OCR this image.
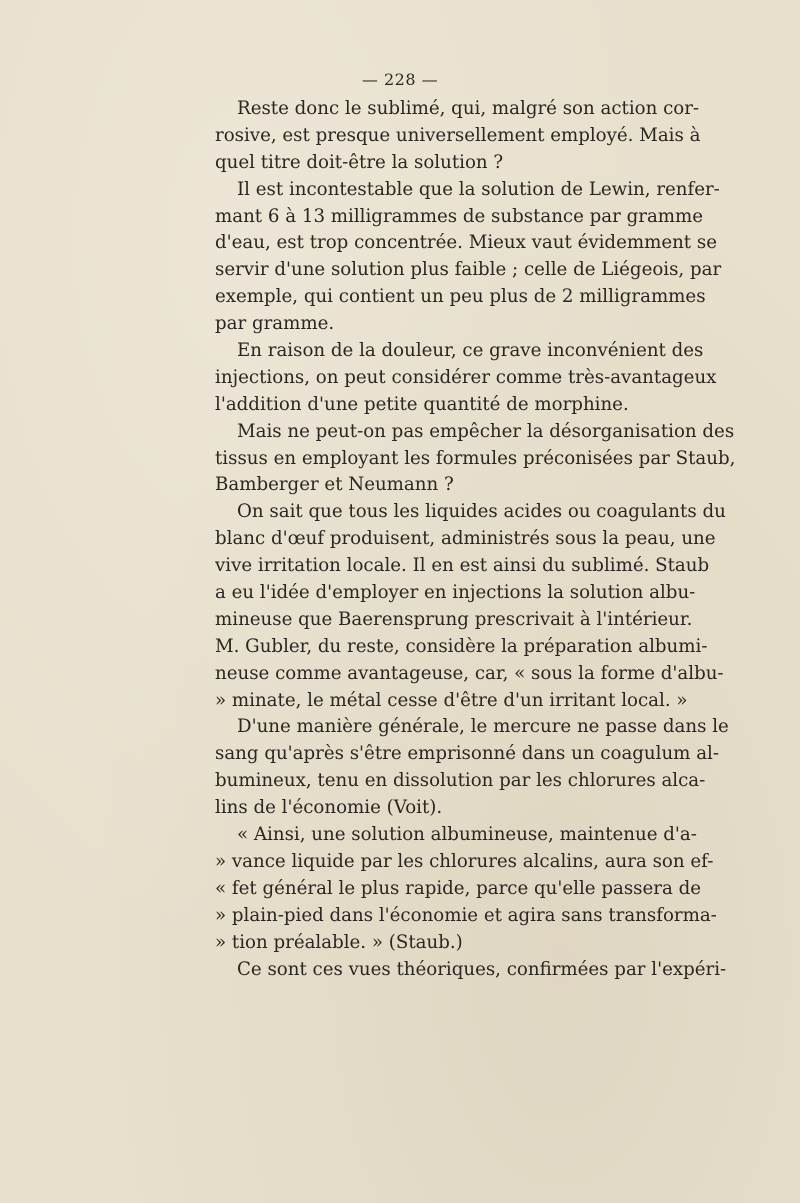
— 228 —

Reste donc le sublimé, qui, malgré son action cor-

rosive, est presque universellement employé. Mais à

quel titre doit-être la solution ?

Il est incontestable que la solution de Lewin, renfer-

mant 6 à 13 milligrammes de substance par gramme

d'eau, est trop concentrée. Mieux vaut évidemment se

servir d'une solution plus faible ; celle de Liégeois, par

exemple, qui contient un peu plus de 2 milligrammes

par gramme.

En raison de la douleur, ce grave inconvénient des

injections, on peut considérer comme très-avantageux

l'addition d'une petite quantité de morphine.

Mais ne peut-on pas empêcher la désorganisation des

tissus en employant les formules préconisées par Staub,

Bamberger et Neumann ?

On sait que tous les liquides acides ou coagulants du

blanc d'œuf produisent, administrés sous la peau, une

vive irritation locale. Il en est ainsi du sublimé. Staub

a eu l'idée d'employer en injections la solution albu-

mineuse que Baerensprung prescrivait à l'intérieur.

M. Gubler, du reste, considère la préparation albumi-

neuse comme avantageuse, car, « sous la forme d'albu-

» minate, le métal cesse d'être d'un irritant local. »

D'une manière générale, le mercure ne passe dans le

sang qu'après s'être emprisonné dans un coagulum al-

bumineux, tenu en dissolution par les chlorures alca-

lins de l'économie (Voit).

« Ainsi, une solution albumineuse, maintenue d'a-

» vance liquide par les chlorures alcalins, aura son ef-

« fet général le plus rapide, parce qu'elle passera de

» plain-pied dans l'économie et agira sans transforma-

» tion préalable. » (Staub.)

Ce sont ces vues théoriques, confirmées par l'expéri-
